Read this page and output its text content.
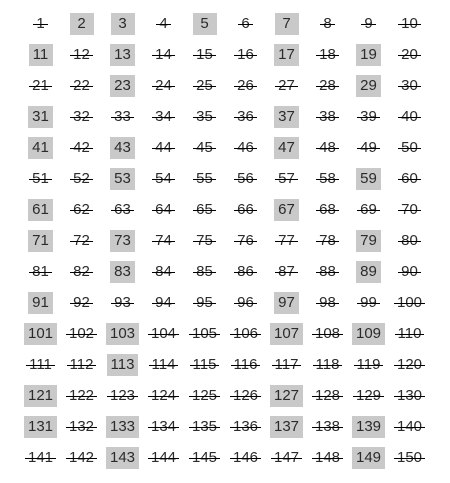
1	2	3	4	5	6	7	8 9 10
11 12 13 14 15 16 17 18 19 20
21 22 23 24 25 26 27 28 29 30
31 32 33 34 35 36 37 38 39 40
41 42 43 44 45 46 47 48 49 50
51 52 53 54 55 56 57 58 59 60
61 62 63 64 65 66 67 68 69 70
71 72 73 74 75 76 77 78 79 80
81 82 83 84 85 86 87 88 89 90
91 92 93 94 95 96 97 98 99 100
101 102 103 104 105 106 107 108 109 110
111 112 113 114 115 116 117 118 119 120
121 122 123 124 125 126 127 128 129 130
131 132 133 134 135 136 137 138 139 140
141 142 143 144 145 146 147 148 149 150
